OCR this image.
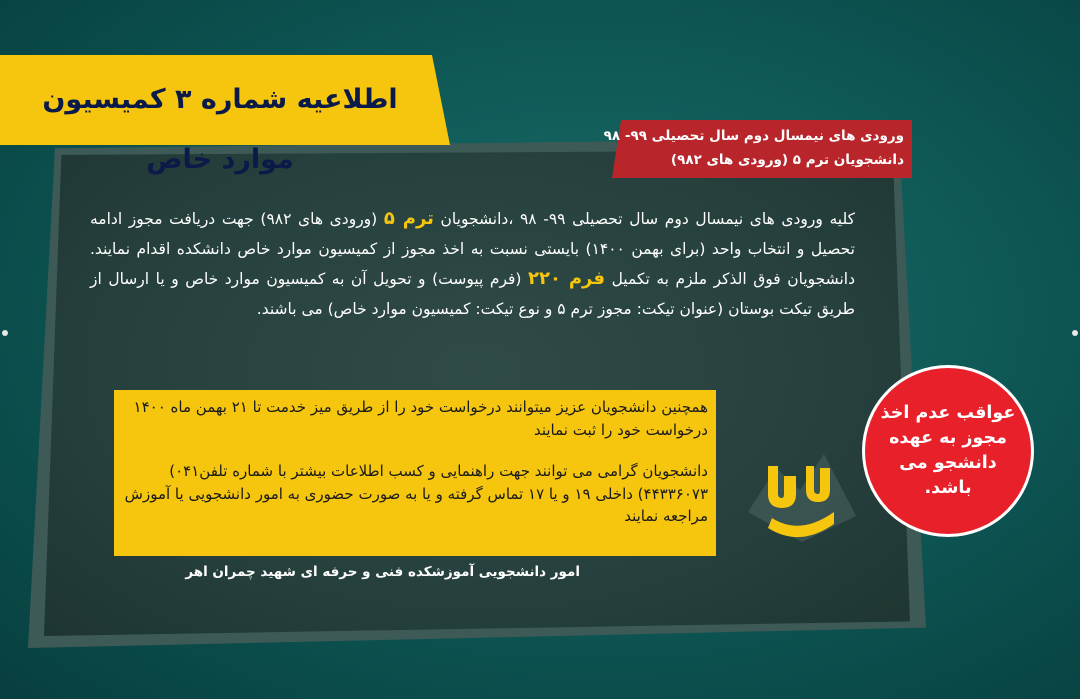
اطلاعیه شماره ۳ کمیسیون موارد خاص
ورودی های نیمسال دوم سال تحصیلی ۹۹- ۹۸
دانشجویان ترم ۵ (ورودی های ۹۸۲)
کلیه ورودی های نیمسال دوم سال تحصیلی ۹۹- ۹۸ ،دانشجویان ترم ۵ (ورودی های ۹۸۲) جهت دریافت مجوز ادامه تحصیل و انتخاب واحد (برای بهمن ۱۴۰۰) بایستی نسبت به اخذ مجوز از کمیسیون موارد خاص دانشکده اقدام نمایند. دانشجویان فوق الذکر ملزم به تکمیل فرم ۲۲۰ (فرم پیوست) و تحویل آن به کمیسیون موارد خاص و یا ارسال از طریق تیکت بوستان (عنوان تیکت: مجوز ترم ۵ و نوع تیکت: کمیسیون موارد خاص) می باشند.
همچنین دانشجویان عزیز میتوانند درخواست خود را از طریق میز خدمت تا ۲۱ بهمن ماه ۱۴۰۰ درخواست خود را ثبت نمایند
دانشجویان گرامی می توانند جهت راهنمایی و کسب اطلاعات بیشتر با شماره تلفن۰۴۱) ۴۴۳۳۶۰۷۳) داخلی ۱۹ و یا ۱۷ تماس گرفته و یا به صورت حضوری به امور دانشجویی یا آموزش مراجعه نمایند
امور دانشجویی آموزشکده فنی و حرفه ای شهید چمران اهر
عواقب عدم اخذ مجوز به عهده دانشجو می باشد.
